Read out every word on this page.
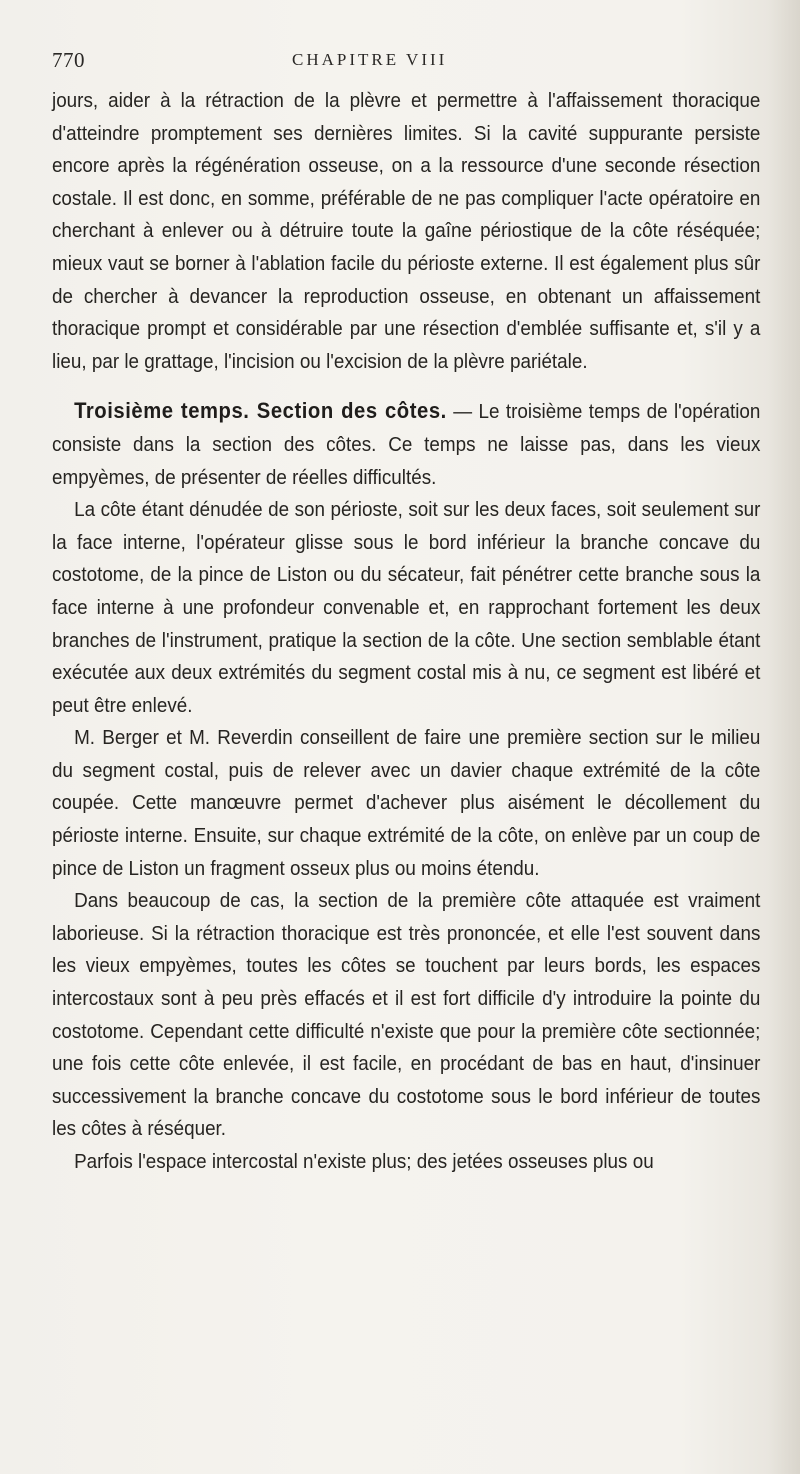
770	CHAPITRE VIII

jours, aider à la rétraction de la plèvre et permettre à l'affaissement thoracique d'atteindre promptement ses dernières limites. Si la cavité suppurante persiste encore après la régénération osseuse, on a la ressource d'une seconde résection costale. Il est donc, en somme, préférable de ne pas compliquer l'acte opératoire en cherchant à enlever ou à détruire toute la gaîne périostique de la côte réséquée; mieux vaut se borner à l'ablation facile du périoste externe. Il est également plus sûr de chercher à devancer la reproduction osseuse, en obtenant un affaissement thoracique prompt et considérable par une résection d'emblée suffisante et, s'il y a lieu, par le grattage, l'incision ou l'excision de la plèvre pariétale.

Troisième temps. Section des côtes. — Le troisième temps de l'opération consiste dans la section des côtes. Ce temps ne laisse pas, dans les vieux empyèmes, de présenter de réelles difficultés.

La côte étant dénudée de son périoste, soit sur les deux faces, soit seulement sur la face interne, l'opérateur glisse sous le bord inférieur la branche concave du costotome, de la pince de Liston ou du sécateur, fait pénétrer cette branche sous la face interne à une profondeur convenable et, en rapprochant fortement les deux branches de l'instrument, pratique la section de la côte. Une section semblable étant exécutée aux deux extrémités du segment costal mis à nu, ce segment est libéré et peut être enlevé.

M. Berger et M. Reverdin conseillent de faire une première section sur le milieu du segment costal, puis de relever avec un davier chaque extrémité de la côte coupée. Cette manœuvre permet d'achever plus aisément le décollement du périoste interne. Ensuite, sur chaque extrémité de la côte, on enlève par un coup de pince de Liston un fragment osseux plus ou moins étendu.

Dans beaucoup de cas, la section de la première côte attaquée est vraiment laborieuse. Si la rétraction thoracique est très prononcée, et elle l'est souvent dans les vieux empyèmes, toutes les côtes se touchent par leurs bords, les espaces intercostaux sont à peu près effacés et il est fort difficile d'y introduire la pointe du costotome. Cependant cette difficulté n'existe que pour la première côte sectionnée; une fois cette côte enlevée, il est facile, en procédant de bas en haut, d'insinuer successivement la branche concave du costotome sous le bord inférieur de toutes les côtes à réséquer.

Parfois l'espace intercostal n'existe plus; des jetées osseuses plus ou
